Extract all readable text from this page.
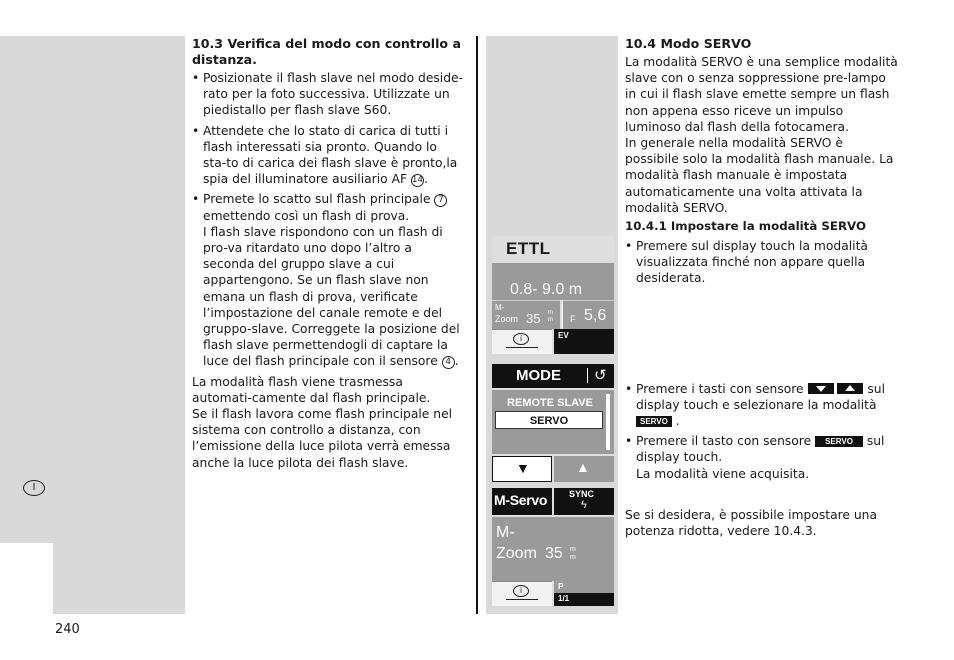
I
240
10.3 Verifica del modo con controllo a distanza.
• Posizionate il flash slave nel modo deside-rato per la foto successiva. Utilizzate un piedistallo per flash slave S60.
• Attendete che lo stato di carica di tutti i flash interessati sia pronto. Quando lo sta-to di carica dei flash slave è pronto,la spia del illuminatore ausiliario AF 14.
• Premete lo scatto sul flash principale 7 emettendo così un flash di prova.
I flash slave rispondono con un flash di pro-va ritardato uno dopo l’altro a seconda del gruppo slave a cui appartengono. Se un flash slave non emana un flash di prova, verificate l’impostazione del canale remote e del gruppo-slave. Correggete la posizione del flash slave permettendogli di captare la luce del flash principale con il sensore 4 .

La modalità flash viene trasmessa automati-camente dal flash principale.

Se il flash lavora come flash principale nel sistema con controllo a distanza, con l’emissione della luce pilota verrà emessa anche la luce pilota dei flash slave.

ETTL
0.8- 9.0 m
M-
Zoom 35 m
m F 5,6
i	EV
MODE ↺
REMOTE SLAVE
SERVO
▼	▲
M-Servo SYNC
ϟ
M-
Zoom 35 m
m
i	P
1/1
10.4 Modo SERVO

La modalità SERVO è una semplice modalità slave con o senza soppressione pre-lampo in cui il flash slave emette sempre un flash non appena esso riceve un impulso luminoso dal flash della fotocamera.

In generale nella modalità SERVO è possibile solo la modalità flash manuale. La modalità flash manuale è impostata automaticamente una volta attivata la modalità SERVO.

10.4.1 Impostare la modalità SERVO
• Premere sul display touch la modalità visualizzata finché non appare quella desiderata.
• Premere i tasti con sensore	sul display touch e selezionare la modalità SERVO .
• Premere il tasto con sensore SERVO sul display touch.
La modalità viene acquisita.

Se si desidera, è possibile impostare una potenza ridotta, vedere 10.4.3.
